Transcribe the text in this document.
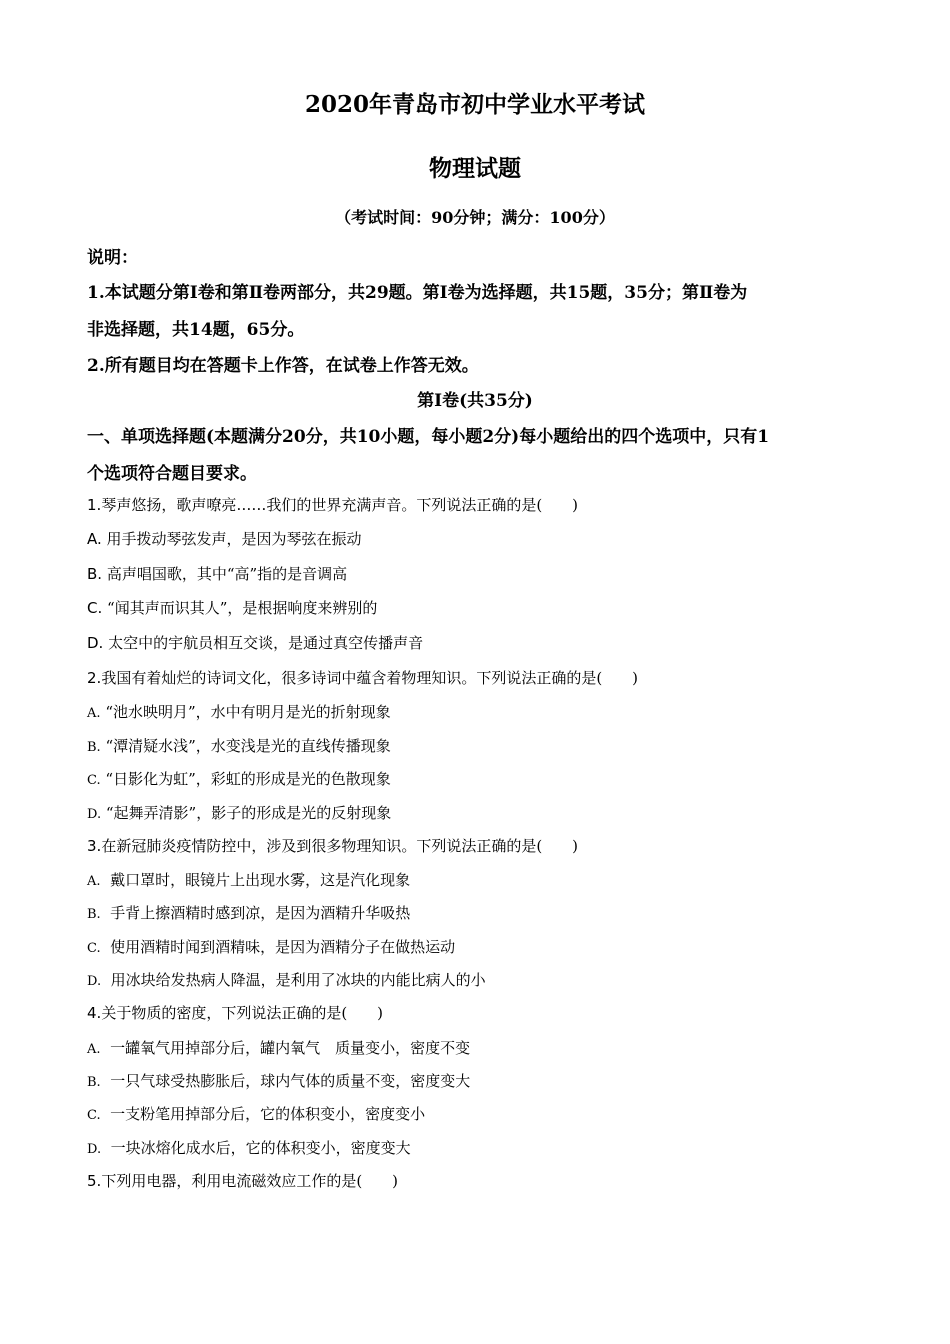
2020年青岛市初中学业水平考试
物理试题
（考试时间：90分钟；满分：100分）
说明：
1.本试题分第Ⅰ卷和第Ⅱ卷两部分，共29题。第Ⅰ卷为选择题，共15题，35分；第Ⅱ卷为
非选择题，共14题，65分。
2.所有题目均在答题卡上作答，在试卷上作答无效。
第Ⅰ卷(共35分)
一、单项选择题(本题满分20分，共10小题，每小题2分)每小题给出的四个选项中，只有1
个选项符合题目要求。
1.琴声悠扬，歌声嘹亮……我们的世界充满声音。下列说法正确的是(　　)
A. 用手拨动琴弦发声，是因为琴弦在振动
B. 高声唱国歌，其中“高”指的是音调高
C. “闻其声而识其人”，是根据响度来辨别的
D. 太空中的宇航员相互交谈，是通过真空传播声音
2.我国有着灿烂的诗词文化，很多诗词中蕴含着物理知识。下列说法正确的是(　　)
A. “池水映明月”，水中有明月是光的折射现象
B. “潭清疑水浅”，水变浅是光的直线传播现象
C. “日影化为虹”，彩虹的形成是光的色散现象
D. “起舞弄清影”，影子的形成是光的反射现象
3.在新冠肺炎疫情防控中，涉及到很多物理知识。下列说法正确的是(　　)
A. 戴口罩时，眼镜片上出现水雾，这是汽化现象
B. 手背上擦酒精时感到凉，是因为酒精升华吸热
C. 使用酒精时闻到酒精味，是因为酒精分子在做热运动
D. 用冰块给发热病人降温，是利用了冰块的内能比病人的小
4.关于物质的密度，下列说法正确的是(　　)
A. 一罐氧气用掉部分后，罐内氧气　质量变小，密度不变
B. 一只气球受热膨胀后，球内气体的质量不变，密度变大
C. 一支粉笔用掉部分后，它的体积变小，密度变小
D. 一块冰熔化成水后，它的体积变小，密度变大
5.下列用电器，利用电流磁效应工作的是(　　)
